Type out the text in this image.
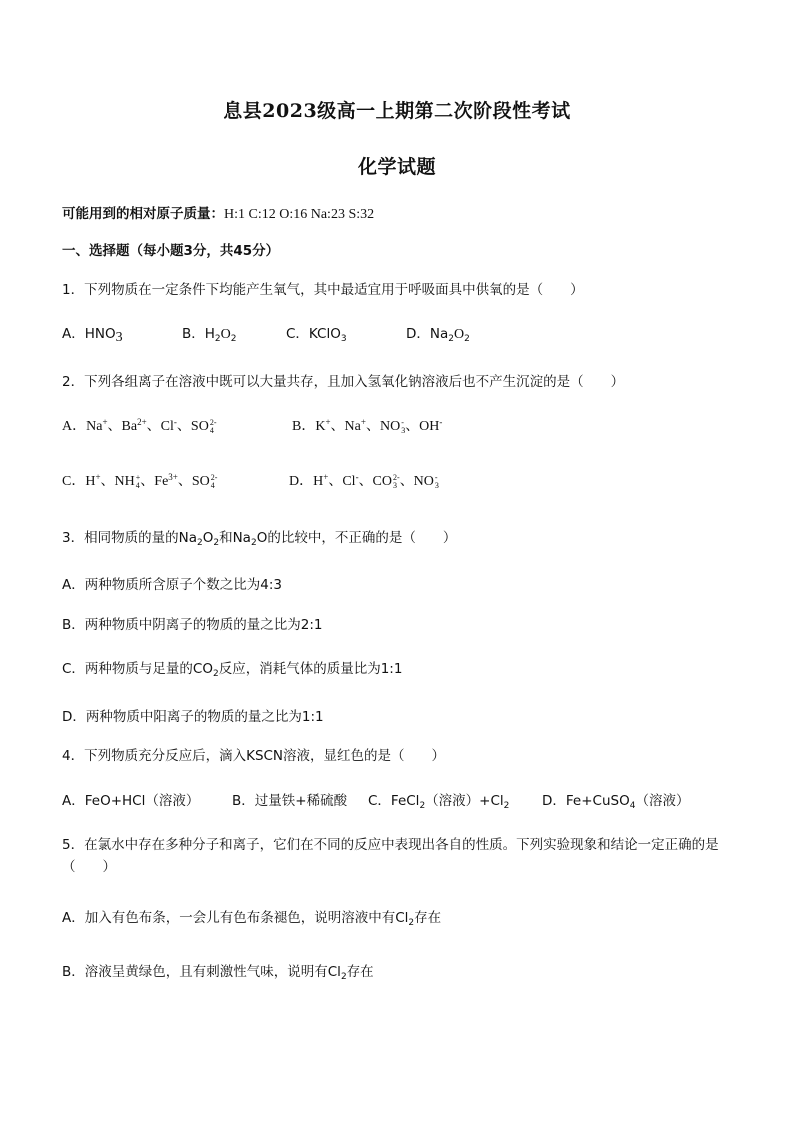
息县2023级高一上期第二次阶段性考试
化学试题
可能用到的相对原子质量：H:1 C:12 O:16 Na:23 S:32
一、选择题（每小题3分，共45分）
1．下列物质在一定条件下均能产生氧气，其中最适宜用于呼吸面具中供氧的是（　　）
A．$HNO_3$	B．$H_2O_2$	C．KClO$_3$	D．$Na_2O_2$
2．下列各组离子在溶液中既可以大量共存，且加入氢氧化钠溶液后也不产生沉淀的是（　　）
A．Na+、$Ba^{2+}$、Cl-、SO 2-
4	B．K+、Na+、NO -
3 、OH-
C．H+、NH +
4 、$Fe^{3+}$、SO 2-
4	D．H+、Cl-、CO 2-
3 、NO -
3
3．相同物质的量的$Na_2O_2$和$Na_2O$的比较中，不正确的是（　　）
A．两种物质所含原子个数之比为4:3
B．两种物质中阴离子的物质的量之比为2:1
C．两种物质与足量的$CO_2$反应，消耗气体的质量比为1:1
D．两种物质中阳离子的物质的量之比为1:1
4．下列物质充分反应后，滴入KSCN溶液，显红色的是（　　）
A．FeO+HCl（溶液） B．过量铁+稀硫酸 C．FeCl$_2$（溶液）$+Cl_2$ D．Fe+CuSO$_4$（溶液）
5．在氯水中存在多种分子和离子，它们在不同的反应中表现出各自的性质。下列实验现象和结论一定正确的是（　　）
A．加入有色布条，一会儿有色布条褪色，说明溶液中有$Cl_2$存在
B．溶液呈黄绿色，且有刺激性气味，说明有$Cl_2$存在
